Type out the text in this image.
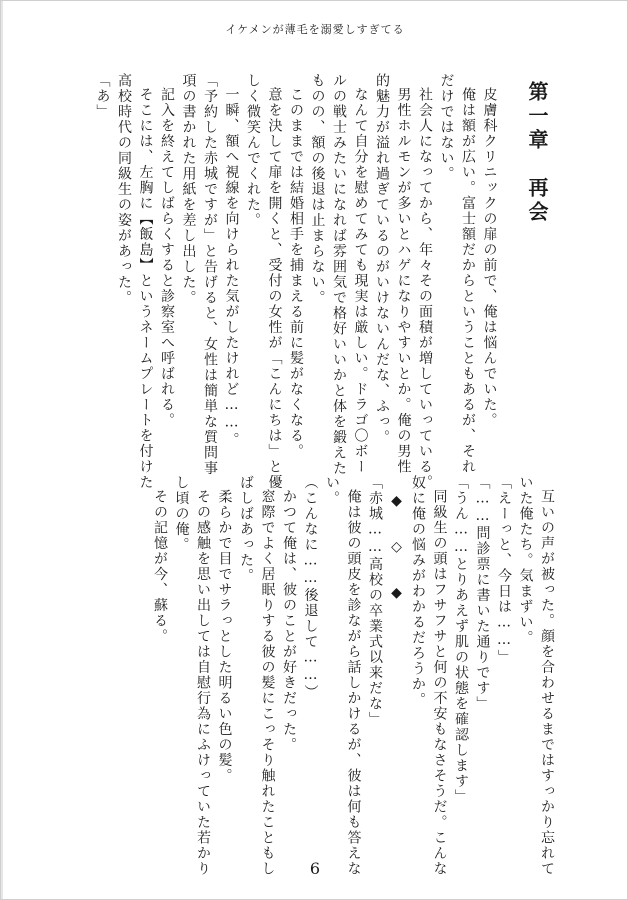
イケメンが薄毛を溺愛しすぎてる

第一章　再会

皮膚科クリニックの扉の前で、俺は悩んでいた。

俺は額が広い。富士額だからということもあるが、それ

だけではない。

社会人になってから、年々その面積が増していっている。

男性ホルモンが多いとハゲになりやすいとか。俺の男性

的魅力が溢れ過ぎているのがいけないんだな、ふっ。

なんて自分を慰めてみても現実は厳しい。ドラゴ〇ボー

ルの戦士みたいになれば雰囲気で格好いいかと体を鍛えた

ものの、額の後退は止まらない。

このままでは結婚相手を捕まえる前に髪がなくなる。

意を決して扉を開くと、受付の女性が「こんにちは」と優

しく微笑んでくれた。

一瞬、額へ視線を向けられた気がしたけれど……。

「予約した赤城ですが」と告げると、女性は簡単な質問事

項の書かれた用紙を差し出した。

記入を終えてしばらくすると診察室へ呼ばれる。

そこには、左胸に【飯島】というネームプレートを付けた

高校時代の同級生の姿があった。

「あ」

互いの声が被った。顔を合わせるまではすっかり忘れて

いた俺たち。気まずい。

「えーっと、今日は……」

「……問診票に書いた通りです」

「うん……とりあえず肌の状態を確認します」

同級生の頭はフサフサと何の不安もなさそうだ。こんな

奴に俺の悩みがわかるだろうか。

◆　◇　◆

「赤城……高校の卒業式以来だな」

俺は彼の頭皮を診ながら話しかけるが、彼は何も答えな

い。

（こんなに……後退して……）

かつて俺は、彼のことが好きだった。

窓際でよく居眠りする彼の髪にこっそり触れたこともし

ばしばあった。

柔らかで目でサラっとした明るい色の髪。

その感触を思い出しては自慰行為にふけっていた若かり

し頃の俺。

その記憶が今、蘇る。

6
